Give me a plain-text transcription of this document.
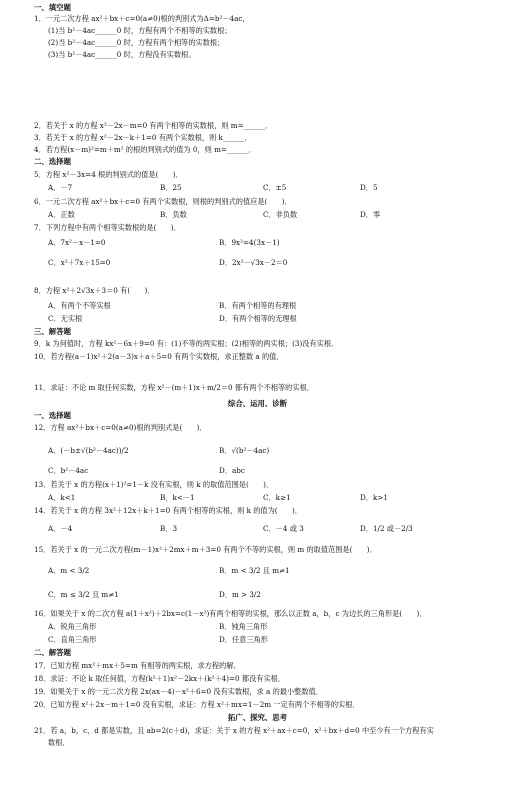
一、填空题
1．一元二次方程 ax²＋bx＋c=0(a≠0)根的判别式为Δ=b²－4ac，
(1)当 b²－4ac______0 时，方程有两个不相等的实数根；
(2)当 b²－4ac______0 时，方程有两个相等的实数根；
(3)当 b²－4ac______0 时，方程没有实数根。
2．若关于 x 的方程 x²－2x－m=0 有两个相等的实数根，则 m=______．
3．若关于 x 的方程 x²－2x－k＋1=0 有两个实数根，则 k______．
4．若方程(x－m)²=m＋m² 的根的判别式的值为 0，则 m=______．
二、选择题
5．方程 x²－3x=4 根的判别式的值是(　　)．
A．－7	B．25	C．±5	D．5
6．一元二次方程 ax²＋bx＋c=0 有两个实数根，则根的判别式的值应是(　　)．
A．正数	B．负数	C．非负数	D．零
7．下列方程中有两个相等实数根的是(　　)．
A．7x²－x－1=0	B．9x²=4(3x－1)
C．x²＋7x＋15=0	D．2x²－√3x－2＝0
8．方程 x²＋2√3x＋3＝0 有(　　)．
A．有两个不等实根	B．有两个相等的有理根
C．无实根	D．有两个相等的无理根
三、解答题
9．k 为何值时，方程 kx²－6x＋9=0 有：(1)不等的两实根；(2)相等的两实根；(3)没有实根．
10．若方程(a－1)x²＋2(a－3)x＋a＋5=0 有两个实数根，求正整数 a 的值．
11．求证：不论 m 取任何实数，方程 x²－(m＋1)x＋m/2＝0 都有两个不相等的实根．
综合、运用、诊断
一、选择题
12．方程 ax²＋bx＋c=0(a≠0)根的判别式是(　　)．
A．(－b±√(b²－4ac))/2	B．√(b²－4ac)
C．b²－4ac	D．abc
13．若关于 x 的方程(x＋1)²=1－k 没有实根，则 k 的取值范围是(　　)．
A．k<1	B．k<－1	C．k≥1	D．k>1
14．若关于 x 的方程 3x²＋12x＋k＋1=0 有两个相等的实根，则 k 的值为(　　)．
A．－4	B．3	C．－4 或 3	D．1/2 或－2/3
15．若关于 x 的一元二次方程(m－1)x²＋2mx＋m＋3=0 有两个不等的实根，则 m 的取值范围是(　　)．
A．m < 3/2	B．m < 3/2 且 m≠1
C．m ≤ 3/2 且 m≠1	D．m > 3/2
16．如果关于 x 的二次方程 a(1＋x²)＋2bx=c(1－x²)有两个相等的实根，那么以正数 a，b，c 为边长的三角形是(　　)．
A．锐角三角形	B．钝角三角形
C．直角三角形	D．任意三角形
二、解答题
17．已知方程 mx²＋mx＋5=m 有相等的两实根，求方程的解．
18．求证：不论 k 取任何值，方程(k²＋1)x²－2kx＋(k²＋4)=0 都没有实根．
19．如果关于 x 的一元二次方程 2x(ax－4)－x²＋6=0 没有实数根，求 a 的最小整数值．
20．已知方程 x²＋2x－m＋1=0 没有实根，求证：方程 x²＋mx=1－2m 一定有两个不相等的实根．
拓广、探究、思考
21．若 a，b，c，d 都是实数，且 ab=2(c＋d)，求证：关于 x 的方程 x²＋ax＋c=0，x²＋bx＋d=0 中至少有一个方程有实
数根．
